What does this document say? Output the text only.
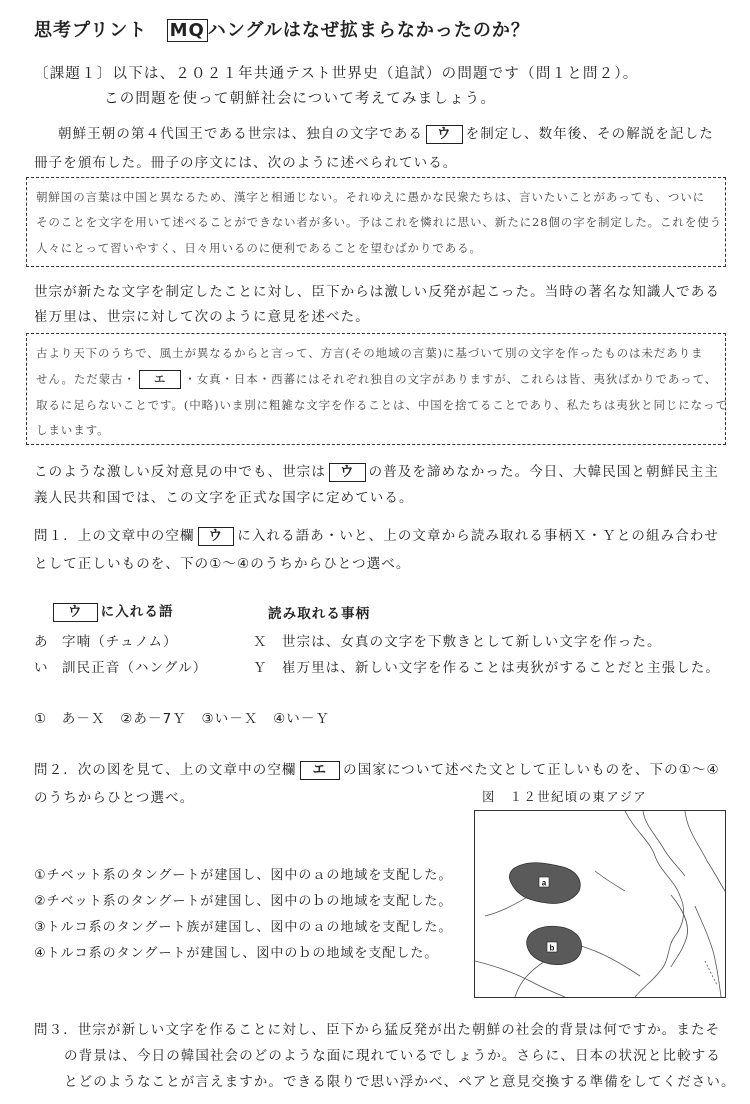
思考プリント MQ ハングルはなぜ拡まらなかったのか？
〔課題１〕以下は、２０２１年共通テスト世界史（追試）の問題です（問１と問２）。
この問題を使って朝鮮社会について考えてみましょう。
朝鮮王朝の第４代国王である世宗は、独自の文字である ウ を制定し、数年後、その解説を記した
冊子を頒布した。冊子の序文には、次のように述べられている。
朝鮮国の言葉は中国と異なるため、漢字と相通じない。それゆえに愚かな民衆たちは、言いたいことがあっても、ついに
そのことを文字を用いて述べることができない者が多い。予はこれを憐れに思い、新たに28個の字を制定した。これを使う
人々にとって習いやすく、日々用いるのに便利であることを望むばかりである。
世宗が新たな文字を制定したことに対し、臣下からは激しい反発が起こった。当時の著名な知識人である
崔万里は、世宗に対して次のように意見を述べた。
古より天下のうちで、風土が異なるからと言って、方言(その地域の言葉)に基づいて別の文字を作ったものは未だありま
せん。ただ蒙古・ エ ・女真・日本・西蕃にはそれぞれ独自の文字がありますが、これらは皆、夷狄ばかりであって、
取るに足らないことです。(中略)いま別に粗雑な文字を作ることは、中国を捨てることであり、私たちは夷狄と同じになって
しまいます。
このような激しい反対意見の中でも、世宗は ウ の普及を諦めなかった。今日、大韓民国と朝鮮民主主
義人民共和国では、この文字を正式な国字に定めている。
問１．上の文章中の空欄 ウ に入れる語あ・いと、上の文章から読み取れる事柄Ｘ・Ｙとの組み合わせ
として正しいものを、下の①～④のうちからひとつ選べ。
ウ に入れる語	読み取れる事柄
あ 字喃（チュノム）	Ｘ 世宗は、女真の文字を下敷きとして新しい文字を作った。
い 訓民正音（ハングル）	Ｙ 崔万里は、新しい文字を作ることは夷狄がすることだと主張した。
①　あ－Ｘ　②あ－7Ｙ　③い－Ｘ　④い－Ｙ
問２．次の図を見て、上の文章中の空欄 エ の国家について述べた文として正しいものを、下の①～④
のうちからひとつ選べ。	図　１２世紀頃の東アジア
①チベット系のタングートが建国し、図中のａの地域を支配した。
②チベット系のタングートが建国し、図中のｂの地域を支配した。
③トルコ系のタングート族が建国し、図中のａの地域を支配した。
④トルコ系のタングートが建国し、図中のｂの地域を支配した。
a
b
問３．世宗が新しい文字を作ることに対し、臣下から猛反発が出た朝鮮の社会的背景は何ですか。またそ
の背景は、今日の韓国社会のどのような面に現れているでしょうか。さらに、日本の状況と比較する
とどのようなことが言えますか。できる限りで思い浮かべ、ペアと意見交換する準備をしてください。
